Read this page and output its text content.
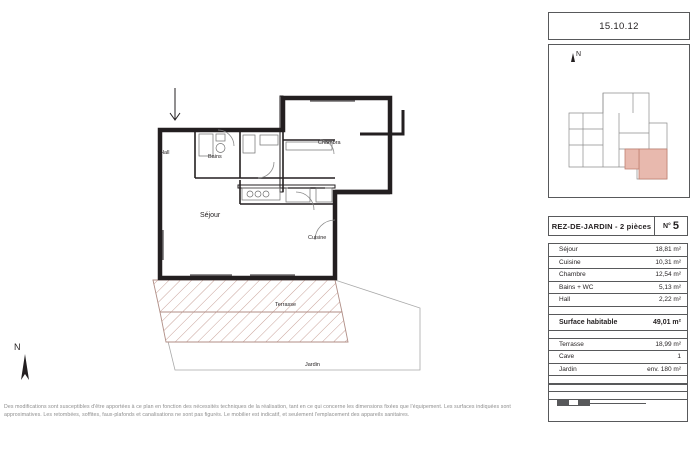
Hall
Bains
Chambra
Séjour
Cuisine
Terrasse
Jardin
N
15.10.12
N
REZ-DE-JARDIN - 2 pièces	N° 5
Séjour	18,81 m²
Cuisine	10,31 m²
Chambre	12,54 m²
Bains + WC	5,13 m²
Hall	2,22 m²
Surface habitable	49,01 m²
Terrasse	18,99 m²
Cave	1
Jardin	env. 180 m²
Des modifications sont susceptibles d'être apportées à ce plan en fonction des nécessités techniques de la réalisation, tant en ce qui concerne les dimensions fixées que l'équipement. Les surfaces indiquées sont approximatives. Les retombées, soffites, faux-plafonds et canalisations ne sont pas figurés. Le mobilier est indicatif, et seulement l'emplacement des appareils sanitaires.
